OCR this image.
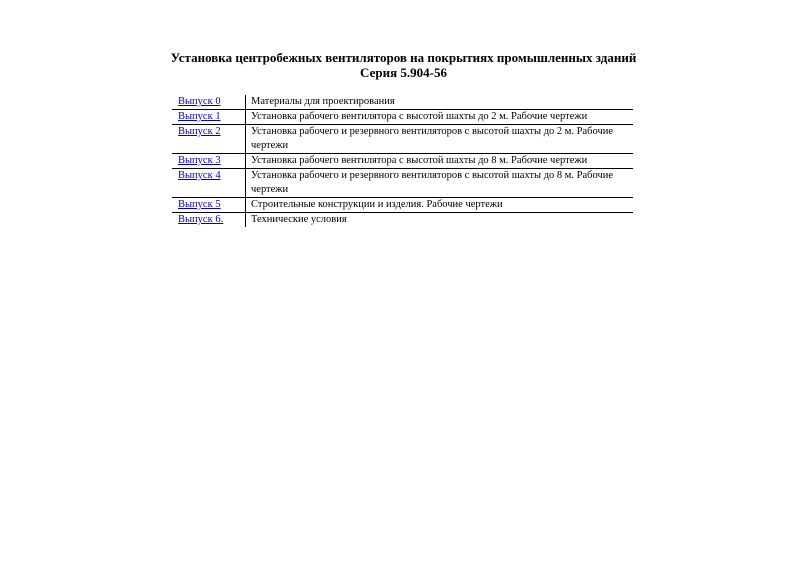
Установка центробежных вентиляторов на покрытиях промышленных зданий
Серия 5.904-56
Выпуск 0	Материалы для проектирования
Выпуск 1	Установка рабочего вентилятора с высотой шахты до 2 м. Рабочие чертежи
Выпуск 2	Установка рабочего и резервного вентиляторов с высотой шахты до 2 м. Рабочие чертежи
Выпуск 3	Установка рабочего вентилятора с высотой шахты до 8 м. Рабочие чертежи
Выпуск 4	Установка рабочего и резервного вентиляторов с высотой шахты до 8 м. Рабочие чертежи
Выпуск 5	Строительные конструкции и изделия. Рабочие чертежи
Выпуск 6.	Технические условия
